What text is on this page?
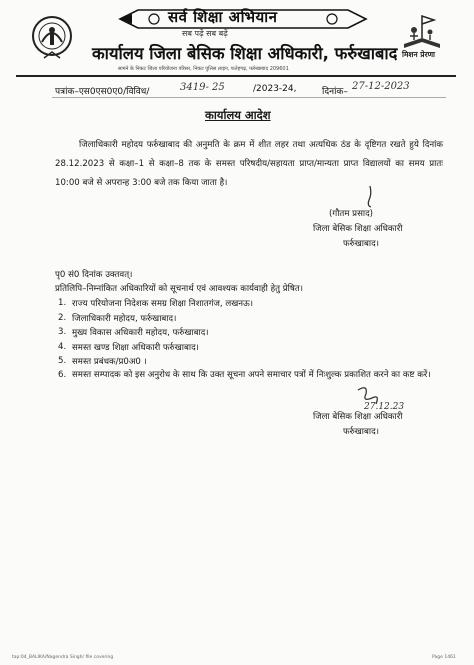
सर्व शिक्षा अभियान
सब पढ़ें सब बढ़ें
मिशन प्रेरणा
कार्यालय जिला बेसिक शिक्षा अधिकारी, फर्रुखाबाद
सामने के निकट जिला परियोजना परिसर, निकट पुलिस लाइन, फतेहगढ़, फर्रुखाबाद 209601
पत्रांक–एस0एस0ए0/विविध/	3419- 25	/2023-24,	दिनांक– 27-12-2023
कार्यालय आदेश
जिलाधिकारी महोदय फर्रुखाबाद की अनुमति के क्रम में शीत लहर तथा अत्यधिक ठंड के दृष्टिगत रखते हुये दिनांक 28.12.2023 से कक्षा–1 से कक्षा–8 तक के समस्त परिषदीय/सहायता प्राप्त/मान्यता प्राप्त विद्यालयों का समय प्रातः 10:00 बजे से अपरान्ह 3:00 बजे तक किया जाता है।
(गौतम प्रसाद)
जिला बेसिक शिक्षा अधिकारी
फर्रुखाबाद।
पृ0 सं0 दिनांक उक्तवत्।
प्रतिलिपि–निम्नांकित अधिकारियों को सूचनार्थ एवं आवश्यक कार्यवाही हेतु प्रेषित।
1. राज्य परियोजना निदेशक समग्र शिक्षा निशातगंज, लखनऊ।
2. जिलाधिकारी महोदय, फर्रुखाबाद।
3. मुख्य विकास अधिकारी महोदय, फर्रुखाबाद।
4. समस्त खण्ड शिक्षा अधिकारी फर्रुखाबाद।
5. समस्त प्रबंधक/प्र0अ0 ।
6. समस्त सम्पादक को इस अनुरोध के साथ कि उक्त सूचना अपने समाचार पत्रों में निःशुल्क प्रकाशित करने का कष्ट करें।
27.12.23
जिला बेसिक शिक्षा अधिकारी
फर्रुखाबाद।
tap:04_BALIKA/Nagendra Singh/ file covering	Page 1461
